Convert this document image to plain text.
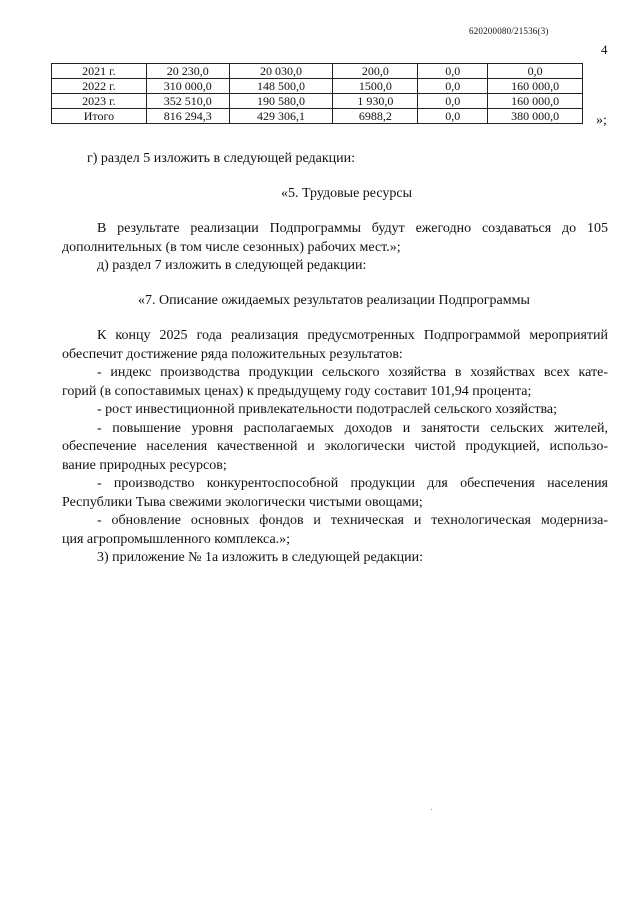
620200080/21536(3)
4
2021 г.	20 230,0	20 030,0	200,0	0,0	0,0
2022 г.	310 000,0	148 500,0	1500,0	0,0	160 000,0
2023 г.	352 510,0	190 580,0	1 930,0	0,0	160 000,0
Итого	816 294,3	429 306,1	6988,2	0,0	380 000,0	»;
г) раздел 5 изложить в следующей редакции:
«5. Трудовые ресурсы
В результате реализации Подпрограммы будут ежегодно создаваться до 105
дополнительных (в том числе сезонных) рабочих мест.»;
д) раздел 7 изложить в следующей редакции:
«7. Описание ожидаемых результатов реализации Подпрограммы
К концу 2025 года реализация предусмотренных Подпрограммой мероприятий
обеспечит достижение ряда положительных результатов:
- индекс производства продукции сельского хозяйства в хозяйствах всех кате-
горий (в сопоставимых ценах) к предыдущему году составит 101,94 процента;
- рост инвестиционной привлекательности подотраслей сельского хозяйства;
- повышение уровня располагаемых доходов и занятости сельских жителей,
обеспечение населения качественной и экологически чистой продукцией, использо-
вание природных ресурсов;
- производство конкурентоспособной продукции для обеспечения населения
Республики Тыва свежими экологически чистыми овощами;
- обновление основных фондов и техническая и технологическая модерниза-
ция агропромышленного комплекса.»;
3) приложение № 1а изложить в следующей редакции:
